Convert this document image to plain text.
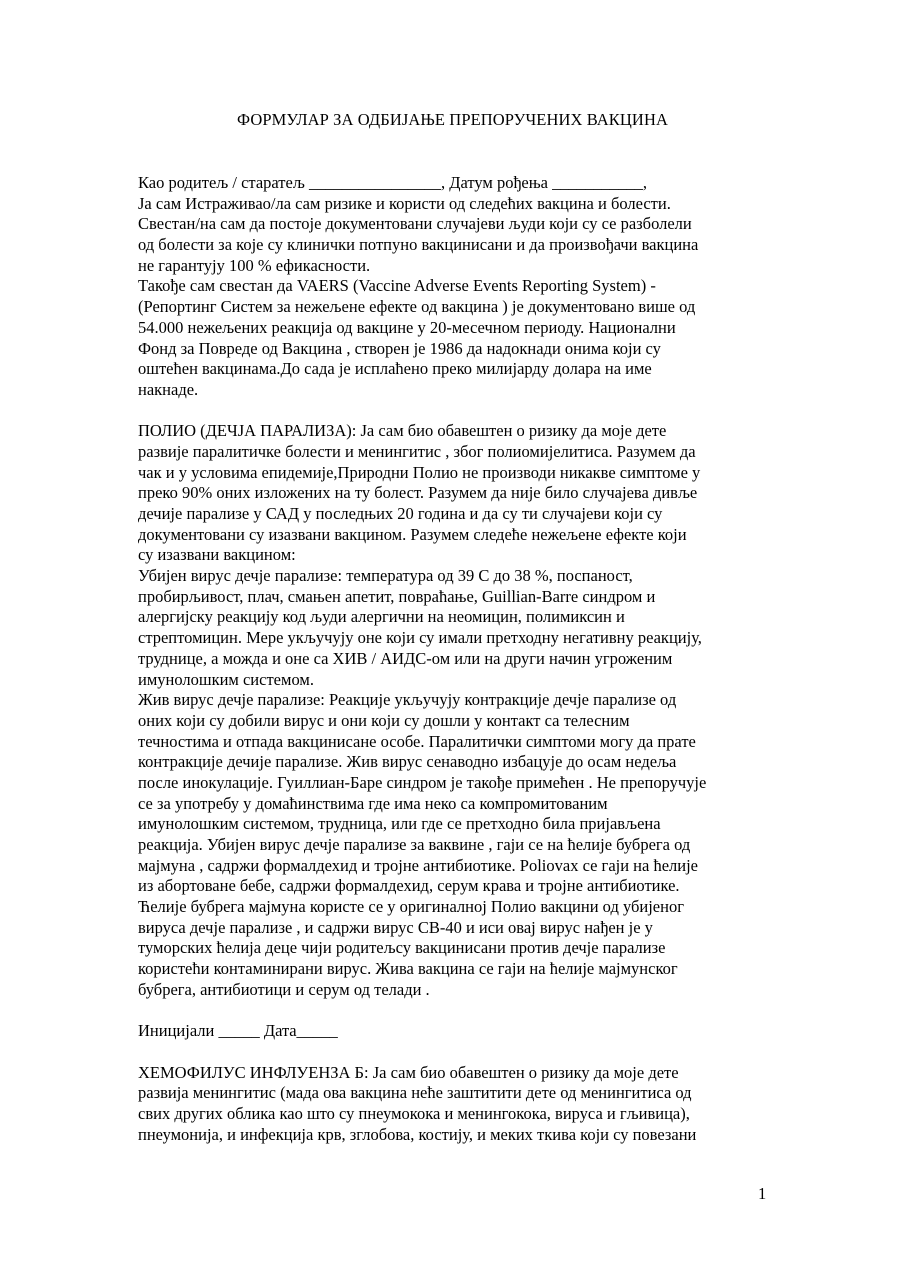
ФОРМУЛАР ЗА ОДБИЈАЊЕ ПРЕПОРУЧЕНИХ ВАКЦИНА
Као родитељ / старатељ ________________, Датум рођења ___________,
Ја сам Истраживао/ла сам ризике и користи од следећих вакцина и болести.
Свестан/на сам да постоје документовани случајеви људи који су се разболели
од болести за које су клинички потпуно вакцинисани и да произвођачи вакцина
не гарантују 100 % ефикасности.
Такође сам свестан да VAERS (Vaccine Adverse Events Reporting System) -
(Репортинг Систем за нежељене ефекте од вакцина ) је документовано више од
54.000 нежељених реакција од вакцине у 20-месечном периоду. Национални
Фонд за Повреде од Вакцина , створен је 1986 да надокнади онима који су
оштећен вакцинама.До сада је исплаћено преко милијарду долара на име
накнаде.
ПОЛИО (ДЕЧЈА ПАРАЛИЗА): Ја сам био обавештен о ризику да моје дете
развије паралитичке болести и менингитис , због полиомијелитиса. Разумем да
чак и у условима епидемије,Природни Полио не производи никакве симптоме у
преко 90% оних изложених на ту болест. Разумем да није било случајева дивље
дечије парализе у САД у последњих 20 година и да су ти случајеви који су
документовани су изазвани вакцином. Разумем следеће нежељене ефекте који
су изазвани вакцином:
Убијен вирус дечје парализе: температура од 39 C до 38 %, поспаност,
пробирљивост, плач, смањен апетит, повраћање, Guillian-Ваrre синдром и
алергијску реакцију код људи алергични на неомицин, полимиксин и
стрептомицин. Мере укључују оне који су имали претходну негативну реакцију,
труднице, а можда и оне са ХИВ / АИДС-ом или на други начин угроженим
имунолошким системом.
Жив вирус дечје парализе: Реакције укључују контракције дечје парализе од
оних који су добили вирус и они који су дошли у контакт са телесним
течностима и отпада вакцинисане особе. Паралитички симптоми могу да прате
контракције дечије парализе. Жив вирус сенаводно избацује до осам недеља
после инокулације. Гуиллиан-Баре синдром је такође примећен . Не препоручује
се за употребу у домаћинствима где има неко са компромитованим
имунолошким системом, трудница, или где се претходно била пријављена
реакција. Убијен вирус дечје парализе за ваквине , гаји се на ћелије бубрега од
мајмуна , садржи формалдехид и тројне антибиотике. Poliovax се гаји на ћелије
из абортоване бебе, садржи формалдехид, серум крава и тројне антибиотике.
Ћелије бубрега мајмуна користе се у оригиналној Полио вакцини од убијеног
вируса дечје парализе , и садржи вирус СВ-40 и иси овај вирус нађен је у
туморских ћелија деце чији родитељсу вакцинисани против дечје парализе
користећи контаминирани вирус. Жива вакцина се гаји на ћелије мајмунског
бубрега, антибиотици и серум од телади .
Иницијали _____ Датa_____
ХЕМОФИЛУС ИНФЛУЕНЗА Б: Ја сам био обавештен о ризику да моје дете
развија менингитис (мада ова вакцина неће заштитити дете од менингитиса од
свих других облика као што су пнеумокока и менингокока, вируса и гљивица),
пнеумонија, и инфекција крв, зглобова, костију, и меких ткива који су повезани
1
